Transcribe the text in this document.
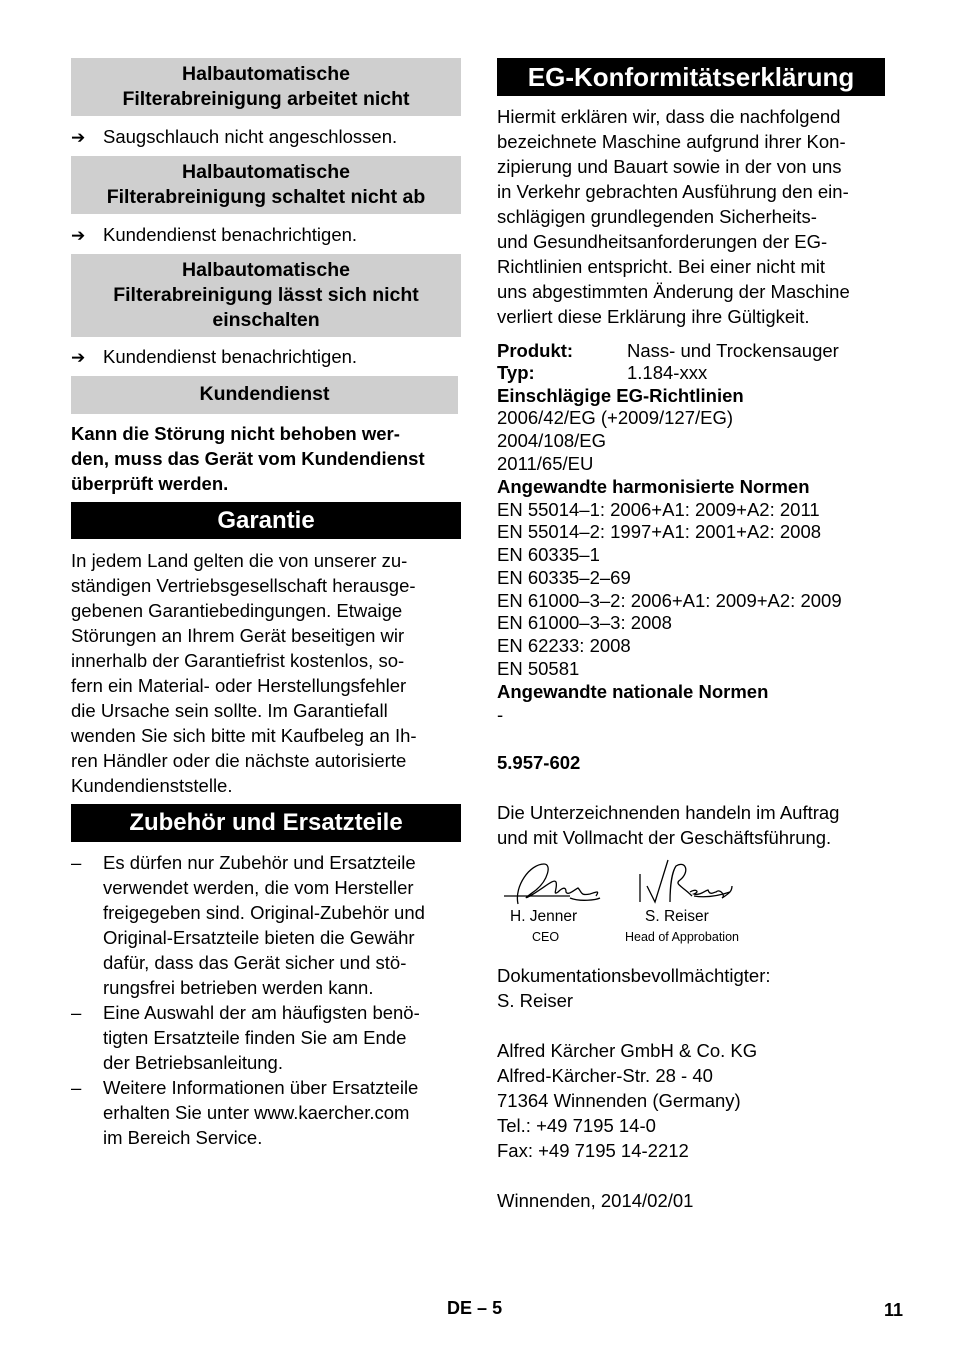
Halbautomatische
Filterabreinigung arbeitet nicht
➔ Saugschlauch nicht angeschlossen.
Halbautomatische
Filterabreinigung schaltet nicht ab
➔ Kundendienst benachrichtigen.
Halbautomatische
Filterabreinigung lässt sich nicht
einschalten
➔ Kundendienst benachrichtigen.
Kundendienst
Kann die Störung nicht behoben wer-
den, muss das Gerät vom Kundendienst
überprüft werden.
Garantie
In jedem Land gelten die von unserer zu-
ständigen Vertriebsgesellschaft herausge-
gebenen Garantiebedingungen. Etwaige
Störungen an Ihrem Gerät beseitigen wir
innerhalb der Garantiefrist kostenlos, so-
fern ein Material- oder Herstellungsfehler
die Ursache sein sollte. Im Garantiefall
wenden Sie sich bitte mit Kaufbeleg an Ih-
ren Händler oder die nächste autorisierte
Kundendienststelle.
Zubehör und Ersatzteile
– Es dürfen nur Zubehör und Ersatzteile
verwendet werden, die vom Hersteller
freigegeben sind. Original-Zubehör und
Original-Ersatzteile bieten die Gewähr
dafür, dass das Gerät sicher und stö-
rungsfrei betrieben werden kann.
– Eine Auswahl der am häufigsten benö-
tigten Ersatzteile finden Sie am Ende
der Betriebsanleitung.
– Weitere Informationen über Ersatzteile
erhalten Sie unter www.kaercher.com
im Bereich Service.
EG-Konformitätserklärung
Hiermit erklären wir, dass die nachfolgend
bezeichnete Maschine aufgrund ihrer Kon-
zipierung und Bauart sowie in der von uns
in Verkehr gebrachten Ausführung den ein-
schlägigen grundlegenden Sicherheits-
und Gesundheitsanforderungen der EG-
Richtlinien entspricht. Bei einer nicht mit
uns abgestimmten Änderung der Maschine
verliert diese Erklärung ihre Gültigkeit.
Produkt:	Nass- und Trockensauger
Typ:	1.184-xxx
Einschlägige EG-Richtlinien
2006/42/EG (+2009/127/EG)
2004/108/EG
2011/65/EU
Angewandte harmonisierte Normen
EN 55014–1: 2006+A1: 2009+A2: 2011
EN 55014–2: 1997+A1: 2001+A2: 2008
EN 60335–1
EN 60335–2–69
EN 61000–3–2: 2006+A1: 2009+A2: 2009
EN 61000–3–3: 2008
EN 62233: 2008
EN 50581
Angewandte nationale Normen
-
5.957-602
Die Unterzeichnenden handeln im Auftrag
und mit Vollmacht der Geschäftsführung.
H. Jenner
CEO
S. Reiser
Head of Approbation
Dokumentationsbevollmächtigter:
S. Reiser
Alfred Kärcher GmbH & Co. KG
Alfred-Kärcher-Str. 28 - 40
71364 Winnenden (Germany)
Tel.: +49 7195 14-0
Fax: +49 7195 14-2212
Winnenden, 2014/02/01
DE – 5	11
